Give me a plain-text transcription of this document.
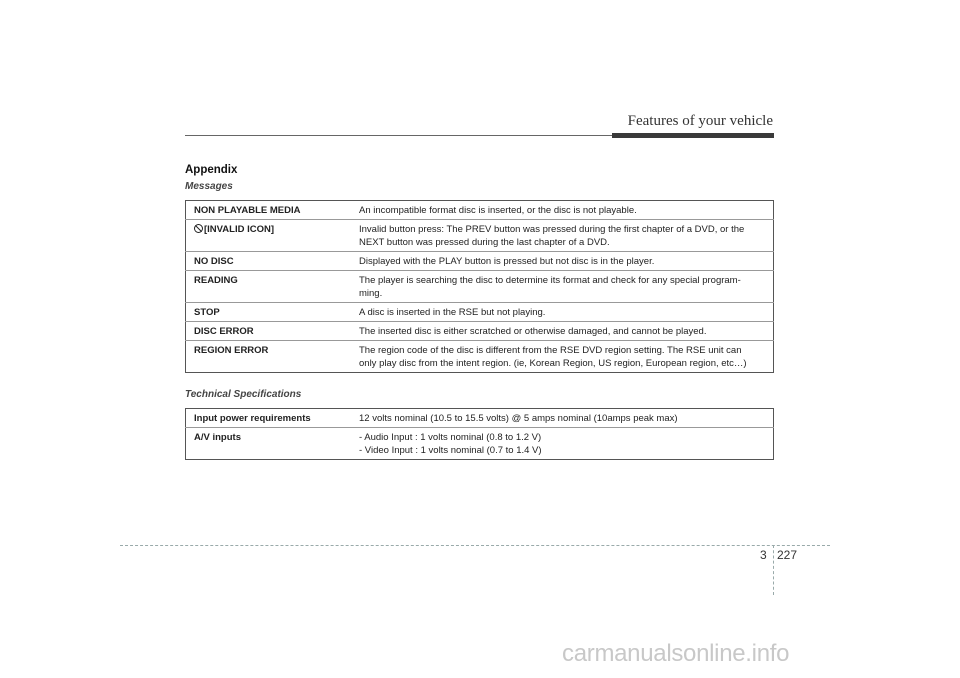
Features of your vehicle
Appendix
Messages
NON PLAYABLE MEDIA	An incompatible format disc is inserted, or the disc is not playable.

[INVALID ICON]	Invalid button press: The PREV button was pressed during the first chapter of a DVD, or the
NEXT button was pressed during the last chapter of a DVD.

NO DISC	Displayed with the PLAY button is pressed but not disc is in the player.

READING	The player is searching the disc to determine its format and check for any special program-
ming.

STOP	A disc is inserted in the RSE but not playing.

DISC ERROR	The inserted disc is either scratched or otherwise damaged, and cannot be played.

REGION ERROR	The region code of the disc is different from the RSE DVD region setting. The RSE unit can
only play disc from the intent region. (ie, Korean Region, US region, European region, etc…)
Technical Specifications
Input power requirements	12 volts nominal (10.5 to 15.5 volts) @ 5 amps nominal (10amps peak max)

A/V inputs	- Audio Input : 1 volts nominal (0.8 to 1.2 V)
- Video Input : 1 volts nominal (0.7 to 1.4 V)
3 227
carmanualsonline.info
